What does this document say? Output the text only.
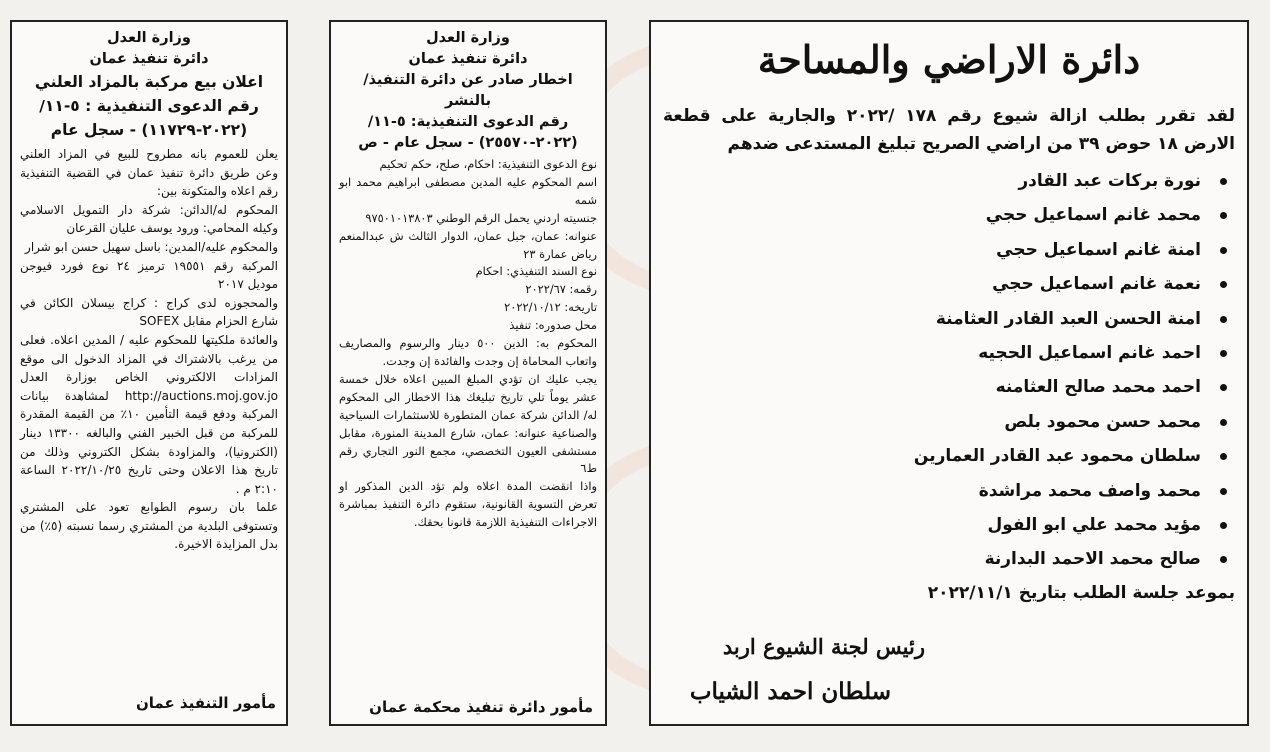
وزارة العدل
دائرة تنفيذ عمان
اعلان بيع مركبة بالمزاد العلني
رقم الدعوى التنفيذية : ٥-١١/
(٢٠٢٢-١١٧٢٩) - سجل عام
يعلن للعموم بانه مطروح للبيع في المزاد العلني وعن طريق دائرة تنفيذ عمان في القضية التنفيذية رقم اعلاه والمتكونة بين:
المحكوم له/الدائن: شركة دار التمويل الاسلامي وكيله المحامي: ورود يوسف عليان القرعان
والمحكوم عليه/المدين: باسل سهيل حسن ابو شرار
المركبة رقم ١٩٥٥١ ترميز ٢٤ نوع فورد فيوجن موديل ٢٠١٧
والمحجوزه لدى كراج : كراج بيسلان الكائن في شارع الحزام مقابل SOFEX
والعائدة ملكيتها للمحكوم عليه / المدين اعلاه. فعلى من يرغب بالاشتراك في المزاد الدخول الى موقع المزادات الالكتروني الخاص بوزارة العدل http://auctions.moj.gov.jo لمشاهدة بيانات المركبة ودفع قيمة التأمين ١٠٪ من القيمة المقدرة للمركبة من قبل الخبير الفني والبالغه ١٣٣٠٠ دينار (الكترونيا)، والمزاودة بشكل الكتروني وذلك من تاريخ هذا الاعلان وحتى تاريخ ٢٠٢٢/١٠/٢٥ الساعة ٢:١٠ م .
علما بان رسوم الطوابع تعود على المشتري وتستوفى البلدية من المشتري رسما نسبته (٥٪) من بدل المزايدة الاخيرة.
مأمور التنفيذ عمان
وزارة العدل
دائرة تنفيذ عمان
اخطار صادر عن دائرة التنفيذ/ بالنشر
رقم الدعوى التنفيذية: ٥-١١/
(٢٠٢٢-٢٥٥٧٠) - سجل عام - ص
نوع الدعوى التنفيذية: احكام، صلح، حكم تحكيم
اسم المحكوم عليه المدين مصطفى ابراهيم محمد ابو شمه
جنسيته اردني يحمل الرقم الوطني ٩٧٥٠١٠١٣٨٠٣
عنوانه: عمان، جبل عمان، الدوار الثالث ش عبدالمنعم رياض عمارة ٢٣
نوع السند التنفيذي: احكام
رقمه: ٢٠٢٢/٦٧
تاريخه: ٢٠٢٢/١٠/١٢
محل صدوره: تنفيذ
المحكوم به: الدين ٥٠٠ دينار والرسوم والمصاريف واتعاب المحاماة إن وجدت والفائدة إن وجدت.
يجب عليك ان تؤدي المبلغ المبين اعلاه خلال خمسة عشر يوماً تلي تاريخ تبليغك هذا الاخطار الى المحكوم له/ الدائن شركة عمان المتطورة للاستثمارات السياحية والصناعية عنوانه: عمان، شارع المدينة المنورة، مقابل مستشفى العيون التخصصي، مجمع النور التجاري رقم ط٦
واذا انقضت المدة اعلاه ولم تؤد الدين المذكور او تعرض التسوية القانونية، ستقوم دائرة التنفيذ بمباشرة الاجراءات التنفيذية اللازمة قانونا بحقك.
مأمور دائرة تنفيذ محكمة عمان
دائرة الاراضي والمساحة
لقد تقرر بطلب ازالة شيوع رقم ١٧٨ /٢٠٢٢ والجارية على قطعة الارض ١٨ حوض ٣٩ من اراضي الصريح تبليغ المستدعى ضدهم
نورة بركات عبد القادر
محمد غانم اسماعيل حجي
امنة غانم اسماعيل حجي
نعمة غانم اسماعيل حجي
امنة الحسن العبد القادر العثامنة
احمد غانم اسماعيل الحجيه
احمد محمد صالح العثامنه
محمد حسن محمود بلص
سلطان محمود عبد القادر العمارين
محمد واصف محمد مراشدة
مؤيد محمد علي ابو الفول
صالح محمد الاحمد البدارنة
بموعد جلسة الطلب بتاريخ ٢٠٢٢/١١/١
رئيس لجنة الشيوع اربد
سلطان احمد الشياب
